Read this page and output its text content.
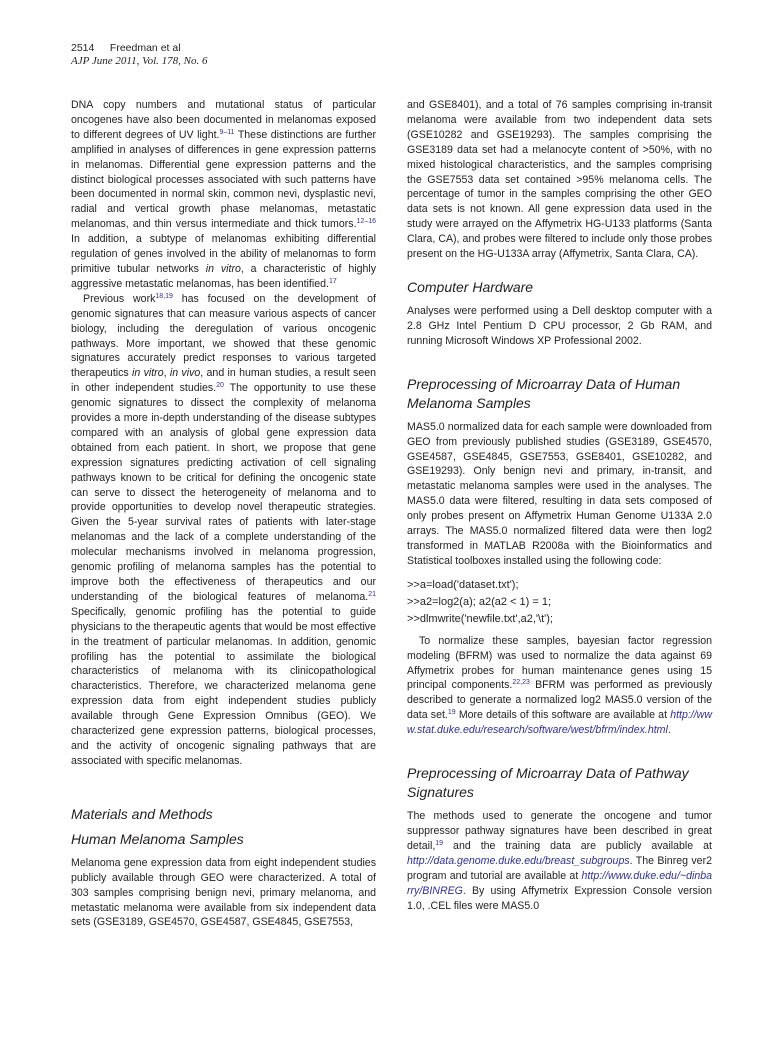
2514 Freedman et al
AJP June 2011, Vol. 178, No. 6

DNA copy numbers and mutational status of particular oncogenes have also been documented in melanomas exposed to different degrees of UV light.$^{9-11}$ These distinctions are further amplified in analyses of differences in gene expression patterns in melanomas. Differential gene expression patterns and the distinct biological processes associated with such patterns have been documented in normal skin, common nevi, dysplastic nevi, radial and vertical growth phase melanomas, metastatic melanomas, and thin versus intermediate and thick tumors.$^{12-16}$ In addition, a subtype of melanomas exhibiting differential regulation of genes involved in the ability of melanomas to form primitive tubular networks in vitro, a characteristic of highly aggressive metastatic melanomas, has been identified.$^{17}$

Previous work$^{18,19}$ has focused on the development of genomic signatures that can measure various aspects of cancer biology, including the deregulation of various oncogenic pathways. More important, we showed that these genomic signatures accurately predict responses to various targeted therapeutics in vitro, in vivo, and in human studies, a result seen in other independent studies.$^{20}$ The opportunity to use these genomic signatures to dissect the complexity of melanoma provides a more in-depth understanding of the disease subtypes compared with an analysis of global gene expression data obtained from each patient. In short, we propose that gene expression signatures predicting activation of cell signaling pathways known to be critical for defining the oncogenic state can serve to dissect the heterogeneity of melanoma and to provide opportunities to develop novel therapeutic strategies. Given the 5-year survival rates of patients with later-stage melanomas and the lack of a complete understanding of the molecular mechanisms involved in melanoma progression, genomic profiling of melanoma samples has the potential to improve both the effectiveness of therapeutics and our understanding of the biological features of melanoma.$^{21}$ Specifically, genomic profiling has the potential to guide physicians to the therapeutic agents that would be most effective in the treatment of particular melanomas. In addition, genomic profiling has the potential to assimilate the biological characteristics of melanoma with its clinicopathological characteristics. Therefore, we characterized melanoma gene expression data from eight independent studies publicly available through Gene Expression Omnibus (GEO). We characterized gene expression patterns, biological processes, and the activity of oncogenic signaling pathways that are associated with specific melanomas.

Materials and Methods
Human Melanoma Samples

Melanoma gene expression data from eight independent studies publicly available through GEO were characterized. A total of 303 samples comprising benign nevi, primary melanoma, and metastatic melanoma were available from six independent data sets (GSE3189, GSE4570, GSE4587, GSE4845, GSE7553,

and GSE8401), and a total of 76 samples comprising in-transit melanoma were available from two independent data sets (GSE10282 and GSE19293). The samples comprising the GSE3189 data set had a melanocyte content of >50%, with no mixed histological characteristics, and the samples comprising the GSE7553 data set contained >95% melanoma cells. The percentage of tumor in the samples comprising the other GEO data sets is not known. All gene expression data used in the study were arrayed on the Affymetrix HG-U133 platforms (Santa Clara, CA), and probes were filtered to include only those probes present on the HG-U133A array (Affymetrix, Santa Clara, CA).

Computer Hardware

Analyses were performed using a Dell desktop computer with a 2.8 GHz Intel Pentium D CPU processor, 2 Gb RAM, and running Microsoft Windows XP Professional 2002.

Preprocessing of Microarray Data of Human Melanoma Samples

MAS5.0 normalized data for each sample were downloaded from GEO from previously published studies (GSE3189, GSE4570, GSE4587, GSE4845, GSE7553, GSE8401, GSE10282, and GSE19293). Only benign nevi and primary, in-transit, and metastatic melanoma samples were used in the analyses. The MAS5.0 data were filtered, resulting in data sets composed of only probes present on Affymetrix Human Genome U133A 2.0 arrays. The MAS5.0 normalized filtered data were then log2 transformed in MATLAB R2008a with the Bioinformatics and Statistical toolboxes installed using the following code:

>>a=load('dataset.txt');
>>a2=log2(a); a2(a2 < 1) = 1;
>>dlmwrite('newfile.txt',a2,'\t');

To normalize these samples, bayesian factor regression modeling (BFRM) was used to normalize the data against 69 Affymetrix probes for human maintenance genes using 15 principal components.$^{22,23}$ BFRM was performed as previously described to generate a normalized log2 MAS5.0 version of the data set.$^{19}$ More details of this software are available at http://www.stat.duke.edu/research/software/west/bfrm/index.html.

Preprocessing of Microarray Data of Pathway Signatures

The methods used to generate the oncogene and tumor suppressor pathway signatures have been described in great detail,$^{19}$ and the training data are publicly available at http://data.genome.duke.edu/breast_subgroups. The Binreg ver2 program and tutorial are available at http://www.duke.edu/~dinbarry/BINREG. By using Affymetrix Expression Console version 1.0, .CEL files were MAS5.0
